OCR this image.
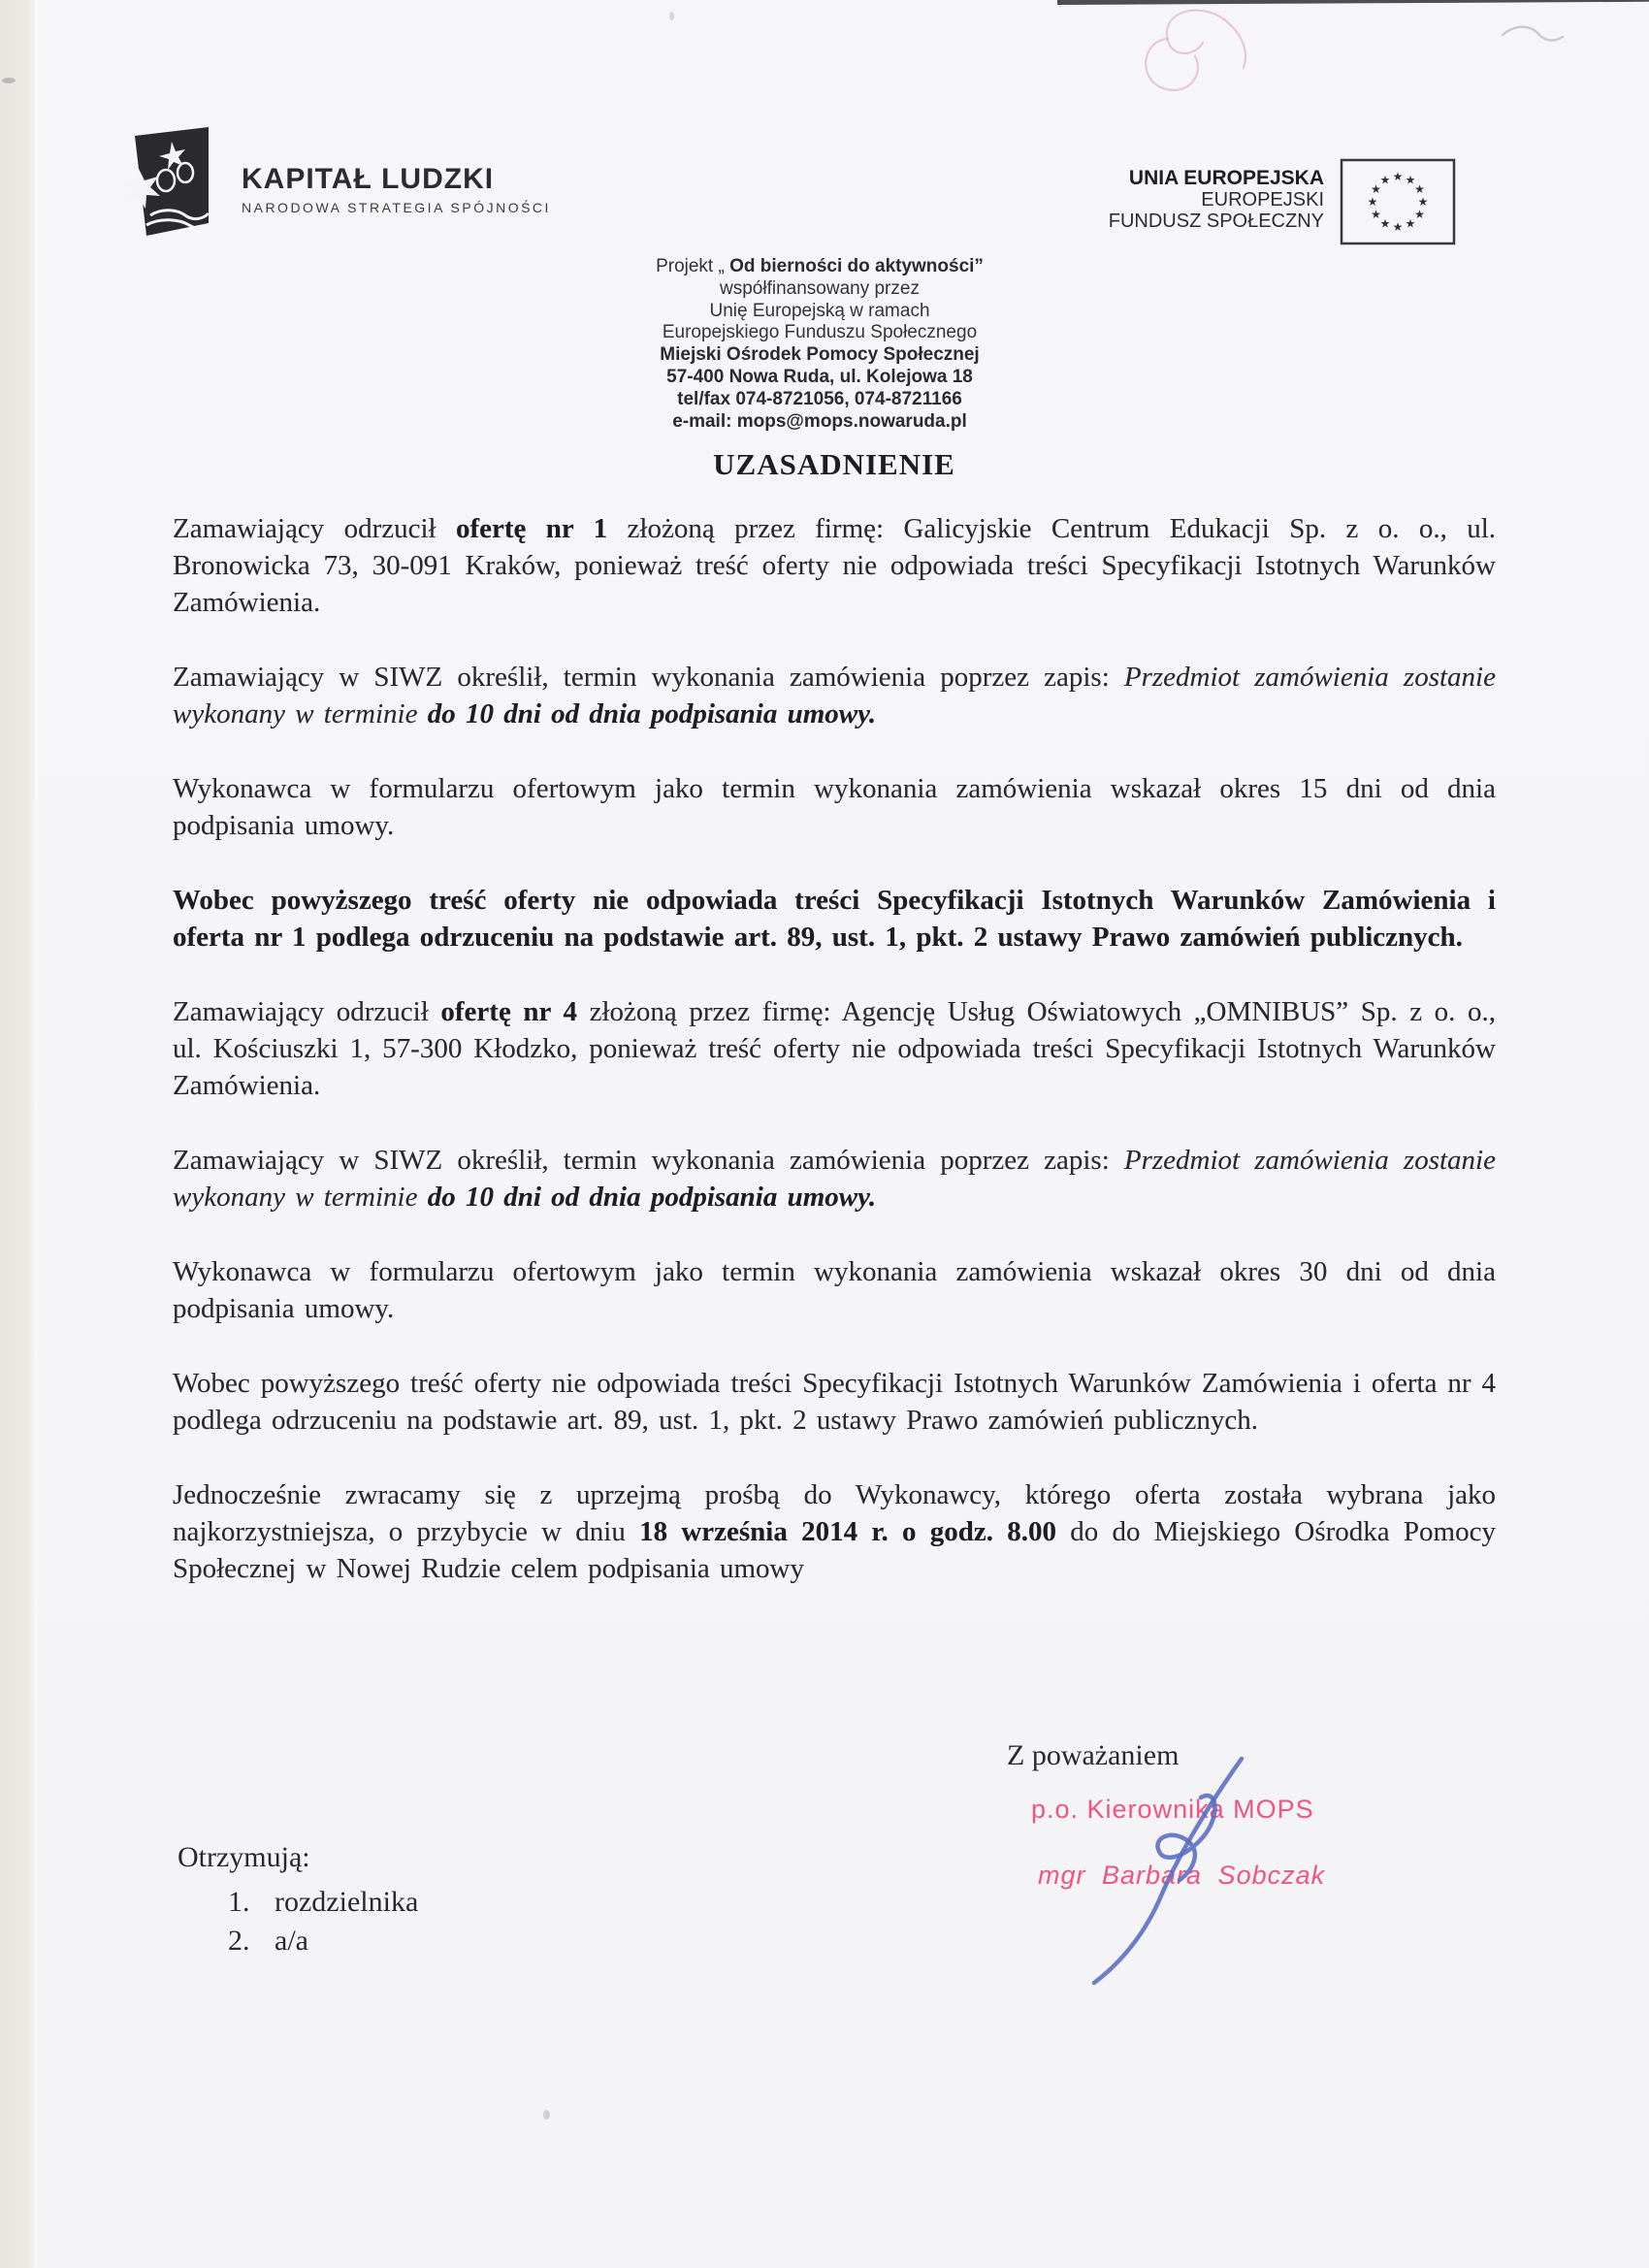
KAPITAŁ LUDZKI
NARODOWA STRATEGIA SPÓJNOŚCI
UNIA EUROPEJSKA
EUROPEJSKI
FUNDUSZ SPOŁECZNY
★ ★
★
★
★
★
★
★
★
★
★
★
Projekt „ Od bierności do aktywności”
współfinansowany przez
Unię Europejską w ramach
Europejskiego Funduszu Społecznego
Miejski Ośrodek Pomocy Społecznej
57-400 Nowa Ruda, ul. Kolejowa 18
tel/fax 074-8721056, 074-8721166
e-mail: mops@mops.nowaruda.pl
UZASADNIENIE

Zamawiający odrzucił ofertę nr 1 złożoną przez firmę: Galicyjskie Centrum Edukacji Sp. z o. o., ul. Bronowicka 73, 30-091 Kraków, ponieważ treść oferty nie odpowiada treści Specyfikacji Istotnych Warunków Zamówienia.

Zamawiający w SIWZ określił, termin wykonania zamówienia poprzez zapis: Przedmiot zamówienia zostanie wykonany w terminie do 10 dni od dnia podpisania umowy.

Wykonawca w formularzu ofertowym jako termin wykonania zamówienia wskazał okres 15 dni od dnia podpisania umowy.

Wobec powyższego treść oferty nie odpowiada treści Specyfikacji Istotnych Warunków Zamówienia i oferta nr 1 podlega odrzuceniu na podstawie art. 89, ust. 1, pkt. 2 ustawy Prawo zamówień publicznych.

Zamawiający odrzucił ofertę nr 4 złożoną przez firmę: Agencję Usług Oświatowych „OMNIBUS” Sp. z o. o., ul. Kościuszki 1, 57-300 Kłodzko, ponieważ treść oferty nie odpowiada treści Specyfikacji Istotnych Warunków Zamówienia.

Zamawiający w SIWZ określił, termin wykonania zamówienia poprzez zapis: Przedmiot zamówienia zostanie wykonany w terminie do 10 dni od dnia podpisania umowy.

Wykonawca w formularzu ofertowym jako termin wykonania zamówienia wskazał okres 30 dni od dnia podpisania umowy.

Wobec powyższego treść oferty nie odpowiada treści Specyfikacji Istotnych Warunków Zamówienia i oferta nr 4 podlega odrzuceniu na podstawie art. 89, ust. 1, pkt. 2 ustawy Prawo zamówień publicznych.

Jednocześnie zwracamy się z uprzejmą prośbą do Wykonawcy, którego oferta została wybrana jako najkorzystniejsza, o przybycie w dniu 18 września 2014 r. o godz. 8.00 do do Miejskiego Ośrodka Pomocy Społecznej w Nowej Rudzie celem podpisania umowy

Z poważaniem
p.o. Kierownika MOPS
mgr Barbara Sobczak
Otrzymują:
1. rozdzielnika
2. a/a
